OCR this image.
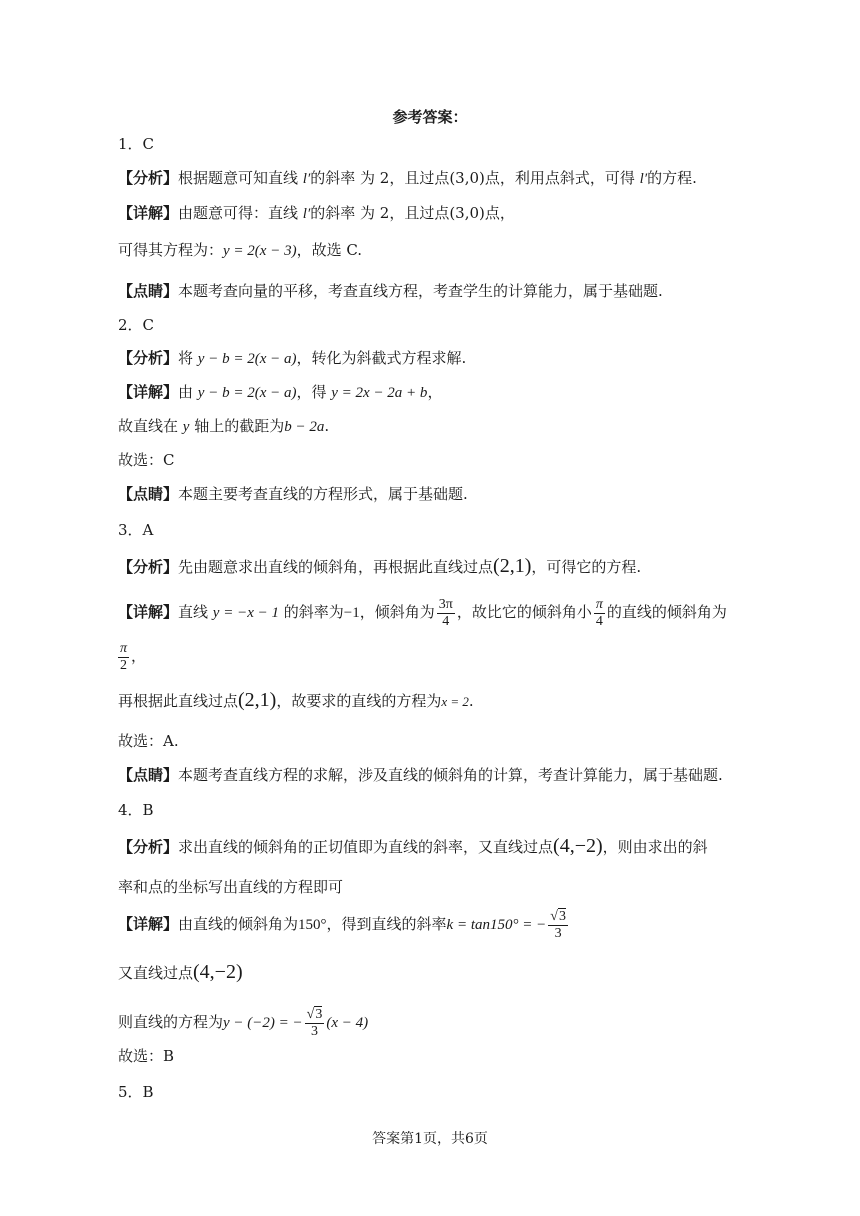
参考答案：
1．C
【分析】根据题意可知直线 l′的斜率 为 2，且过点(3,0)点，利用点斜式，可得 l′的方程.
【详解】由题意可得：直线 l′的斜率 为 2，且过点(3,0)点，
可得其方程为：y = 2(x − 3)，故选 C.
【点睛】本题考查向量的平移，考查直线方程，考查学生的计算能力，属于基础题.
2．C
【分析】将 y − b = 2(x − a)，转化为斜截式方程求解.
【详解】由 y − b = 2(x − a)，得 y = 2x − 2a + b，
故直线在 y 轴上的截距为b − 2a.
故选：C
【点睛】本题主要考查直线的方程形式，属于基础题.
3．A
【分析】先由题意求出直线的倾斜角，再根据此直线过点(2,1)，可得它的方程.
【详解】直线 y = −x − 1 的斜率为−1，倾斜角为 $\frac{3\pi}{4}$ ，故比它的倾斜角小 $\frac{\pi}{4}$ 的直线的倾斜角为
$\frac{\pi}{2}$ ，
再根据此直线过点(2,1)，故要求的直线的方程为x = 2.
故选：A.
【点睛】本题考查直线方程的求解，涉及直线的倾斜角的计算，考查计算能力，属于基础题.
4．B
【分析】求出直线的倾斜角的正切值即为直线的斜率，又直线过点(4,−2)，则由求出的斜
率和点的坐标写出直线的方程即可
【详解】由直线的倾斜角为150°，得到直线的斜率k = tan150° = − $\frac{√3}{3}$
又直线过点(4,−2)
则直线的方程为y − (−2) = − $\frac{√3}{3} (x - 4)$
故选：B
5．B
答案第1页，共6页
